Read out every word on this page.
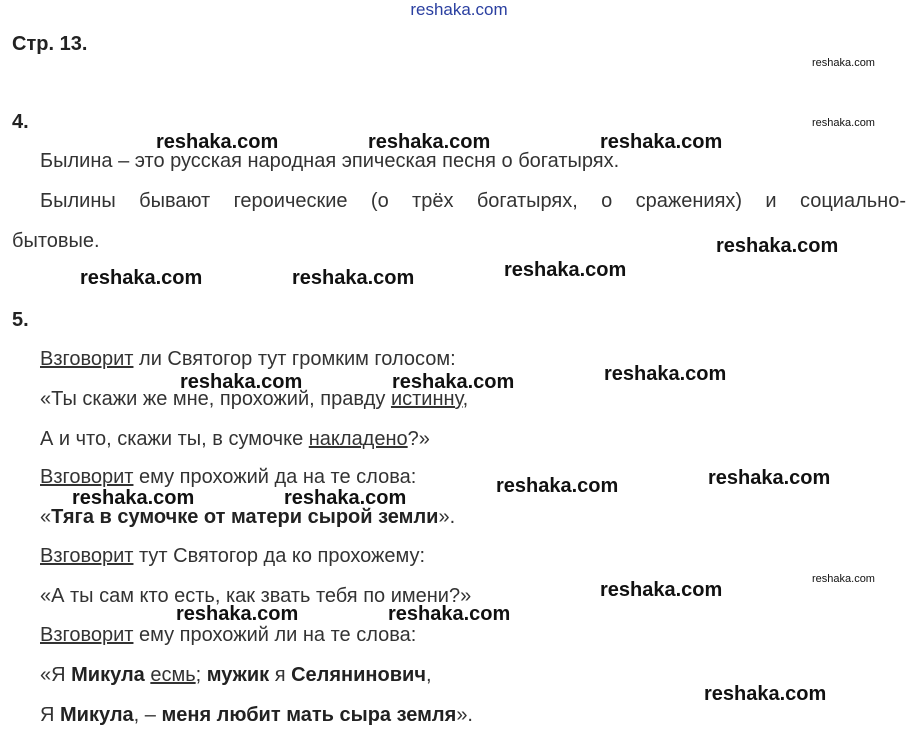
reshaka.com
Стр. 13.
reshaka.com
reshaka.com
reshaka.com
4.
Былина – это русская народная эпическая песня о богатырях.
Былины бывают героические (о трёх богатырях, о сражениях) и социально-
бытовые.
5.
Взговорит ли Святогор тут громким голосом:
«Ты скажи же мне, прохожий, правду истинну,
А и что, скажи ты, в сумочке накладено?»
Взговорит ему прохожий да на те слова:
«Тяга в сумочке от матери сырой земли».
Взговорит тут Святогор да ко прохожему:
«А ты сам кто есть, как звать тебя по имени?»
Взговорит ему прохожий ли на те слова:
«Я Микула есмь; мужик я Селянинович,
Я Микула, – меня любит мать сыра земля».
reshaka.com	reshaka.com	reshaka.com
reshaka.com
reshaka.com	reshaka.com	reshaka.com
reshaka.com
reshaka.com	reshaka.com
reshaka.com
reshaka.com
reshaka.com	reshaka.com
reshaka.com
reshaka.com	reshaka.com
reshaka.com
